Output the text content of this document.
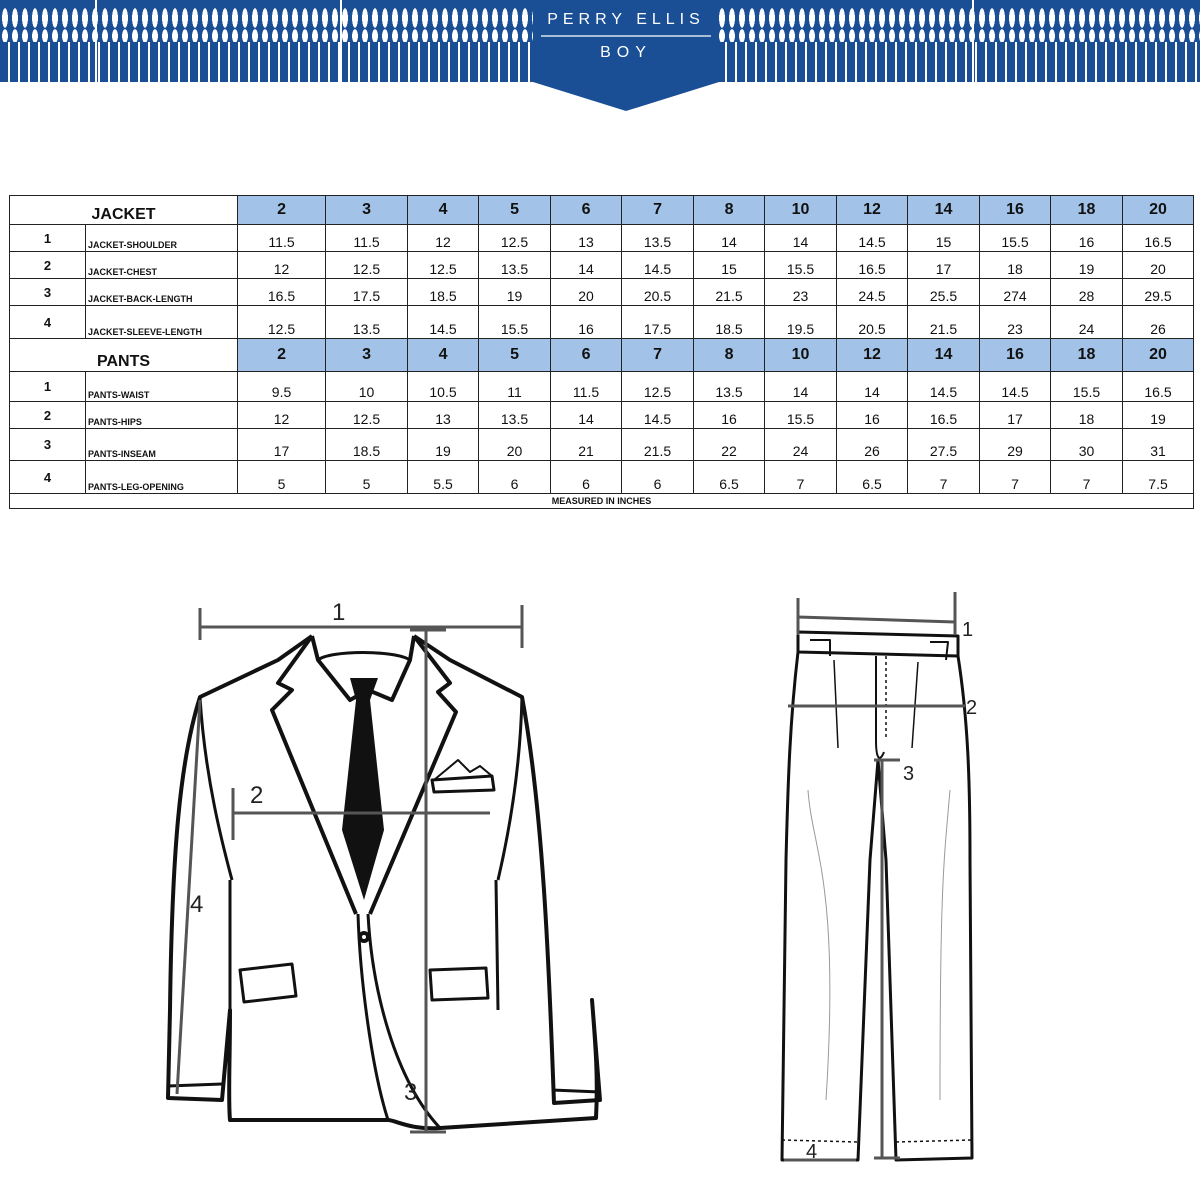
PERRY ELLIS
BOY
JACKET		2	3	4	5	6	7	8	10	12	14	16	18	20
1	JACKET-SHOULDER	11.5	11.5	12	12.5	13	13.5	14	14	14.5	15	15.5	16	16.5
2	JACKET-CHEST	12	12.5	12.5	13.5	14	14.5	15	15.5	16.5	17	18	19	20
3	JACKET-BACK-LENGTH	16.5	17.5	18.5	19	20	20.5	21.5	23	24.5	25.5	274	28	29.5
4	JACKET-SLEEVE-LENGTH	12.5	13.5	14.5	15.5	16	17.5	18.5	19.5	20.5	21.5	23	24	26
PANTS		2	3	4	5	6	7	8	10	12	14	16	18	20
1	PANTS-WAIST	9.5	10	10.5	11	11.5	12.5	13.5	14	14	14.5	14.5	15.5	16.5
2	PANTS-HIPS	12	12.5	13	13.5	14	14.5	16	15.5	16	16.5	17	18	19
3	PANTS-INSEAM	17	18.5	19	20	21	21.5	22	24	26	27.5	29	30	31
4	PANTS-LEG-OPENING	5	5	5.5	6	6	6	6.5	7	6.5	7	7	7	7.5
MEASURED IN INCHES														
1
2
3
4
1
2
3
4
